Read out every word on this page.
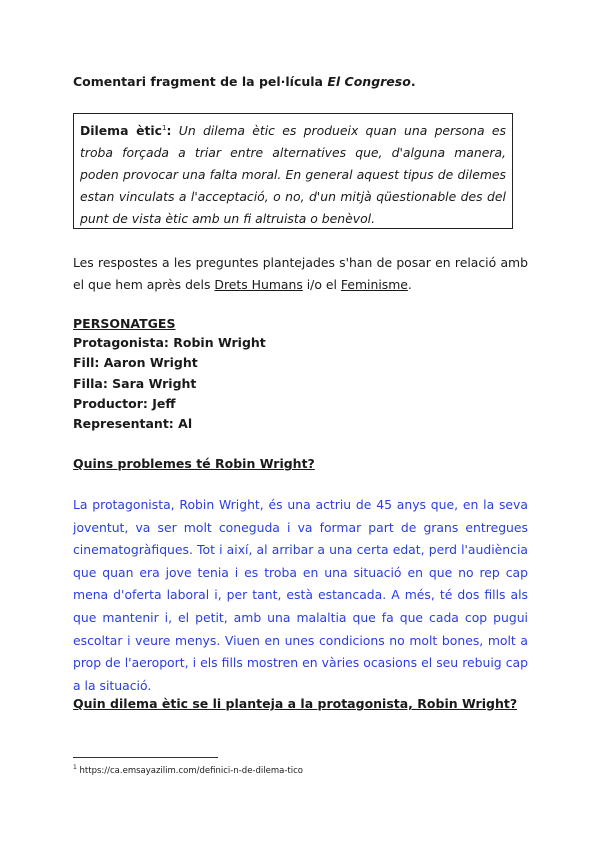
Comentari fragment de la pel·lícula El Congreso.
Dilema ètic$^1$: Un dilema ètic es produeix quan una persona es troba forçada a triar entre alternatives que, d'alguna manera, poden provocar una falta moral. En general aquest tipus de dilemes estan vinculats a l'acceptació, o no, d'un mitjà qüestionable des del punt de vista ètic amb un fi altruista o benèvol.
Les respostes a les preguntes plantejades s'han de posar en relació amb el que hem après dels Drets Humans i/o el Feminisme.
PERSONATGES
Protagonista: Robin Wright
Fill: Aaron Wright
Filla: Sara Wright
Productor: Jeff
Representant: Al
Quins problemes té Robin Wright?
La protagonista, Robin Wright, és una actriu de 45 anys que, en la seva joventut, va ser molt coneguda i va formar part de grans entregues cinematogràfiques. Tot i així, al arribar a una certa edat, perd l'audiència que quan era jove tenia i es troba en una situació en que no rep cap mena d'oferta laboral i, per tant, està estancada. A més, té dos fills als que mantenir i, el petit, amb una malaltia que fa que cada cop pugui escoltar i veure menys. Viuen en unes condicions no molt bones, molt a prop de l'aeroport, i els fills mostren en vàries ocasions el seu rebuig cap a la situació.
Quin dilema ètic se li planteja a la protagonista, Robin Wright?
$^1$ https://ca.emsayazilim.com/definici-n-de-dilema-tico
